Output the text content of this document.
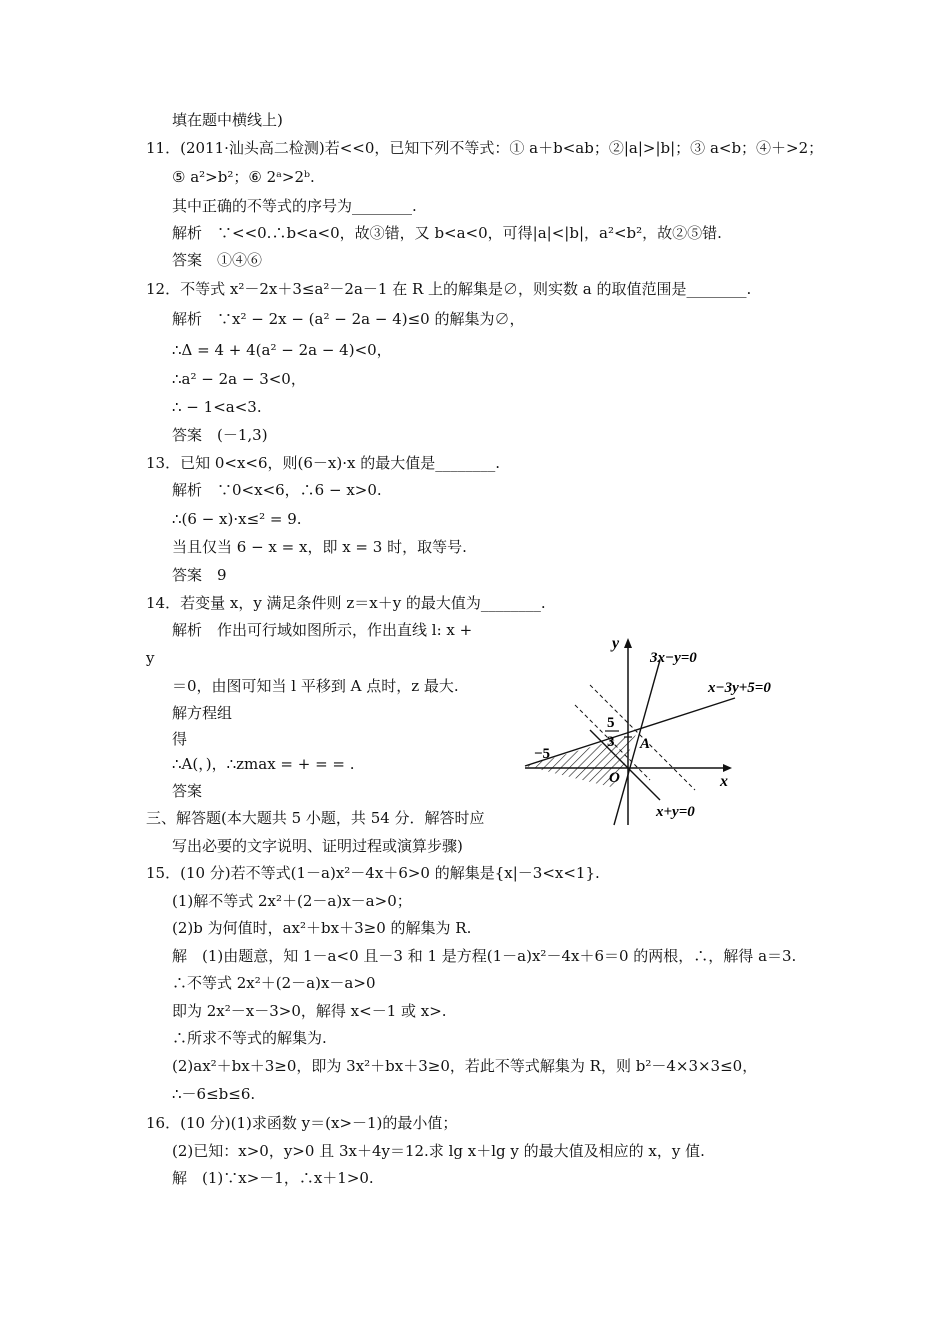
填在题中横线上)
11．(2011·汕头高二检测)若<<0，已知下列不等式：① a＋b<ab；②|a|>|b|；③ a<b；④＋>2；
⑤ a²>b²；⑥ 2ᵃ>2ᵇ.
其中正确的不等式的序号为________.
解析　∵<<0.∴b<a<0，故③错，又 b<a<0，可得|a|<|b|，a²<b²，故②⑤错.
答案　①④⑥
12．不等式 x²－2x＋3≤a²－2a－1 在 R 上的解集是∅，则实数 a 的取值范围是________.
解析　∵x² − 2x − (a² − 2a − 4)≤0 的解集为∅，
∴Δ = 4 + 4(a² − 2a − 4)<0，
∴a² − 2a − 3<0，
∴ − 1<a<3.
答案　(－1,3)
13．已知 0<x<6，则(6－x)·x 的最大值是________.
解析　∵0<x<6，∴6 − x>0.
∴(6 − x)·x≤² = 9.
当且仅当 6 − x = x，即 x = 3 时，取等号.
答案　9
14．若变量 x，y 满足条件则 z＝x＋y 的最大值为________.
解析　作出可行域如图所示，作出直线 l: x +
y
＝0，由图可知当 l 平移到 A 点时，z 最大.
解方程组
得
∴A(，)，∴zmax = + = = .
答案
三、解答题(本大题共 5 小题，共 54 分．解答时应
写出必要的文字说明、证明过程或演算步骤)
15．(10 分)若不等式(1－a)x²－4x＋6>0 的解集是{x|－3<x<1}.
(1)解不等式 2x²＋(2－a)x－a>0；
(2)b 为何值时，ax²＋bx＋3≥0 的解集为 R.
解　(1)由题意，知 1－a<0 且－3 和 1 是方程(1－a)x²－4x＋6＝0 的两根，∴，解得 a＝3.
∴不等式 2x²＋(2－a)x－a>0
即为 2x²－x－3>0，解得 x<－1 或 x>.
∴所求不等式的解集为.
(2)ax²＋bx＋3≥0，即为 3x²＋bx＋3≥0，若此不等式解集为 R，则 b²－4×3×3≤0，
∴－6≤b≤6.
16．(10 分)(1)求函数 y＝(x>－1)的最小值；
(2)已知：x>0，y>0 且 3x＋4y＝12.求 lg x＋lg y 的最大值及相应的 x，y 值.
解　(1)∵x>－1，∴x＋1>0.
x
y
O
A
−5
5
3
3x−y=0
x−3y+5=0
x+y=0
